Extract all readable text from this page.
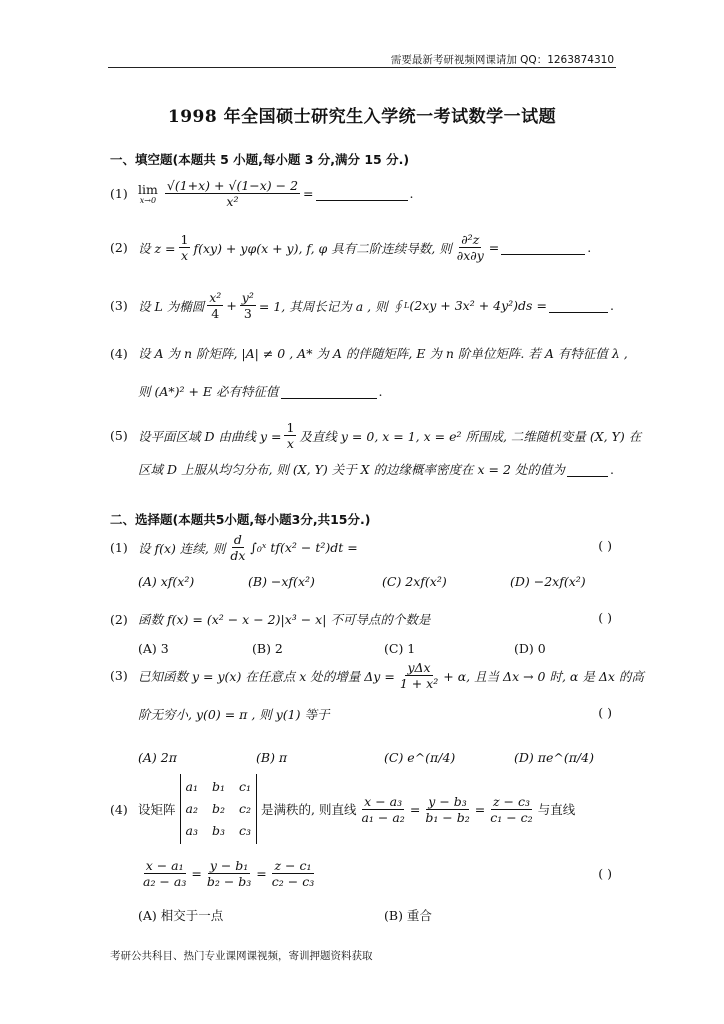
需要最新考研视频网课请加 QQ：1263874310
1998 年全国硕士研究生入学统一考试数学一试题
一、填空题(本题共 5 小题,每小题 3 分,满分 15 分.)
(1) lim
$x\to 0 \frac{√(1+x) + √(1-x) - 2}{\text{x²}}$ =	.
(2) 设 $z = \frac{1}{x} f(xy) + y\varphi(x + y)$, f, φ 具有二阶连续导数, 则 $\frac{\text{∂²z}}{\partial x\partial y}$ =	.
(3) 设 L 为椭圆 $\frac{\text{x²}}{4} + \frac{\text{y²}}{3} = 1$, 其周长记为 a , 则 ∮ L (2xy + 3x² + 4y²)ds =	.
(4) 设 A 为 n 阶矩阵, |A| ≠ 0 , A* 为 A 的伴随矩阵, E 为 n 阶单位矩阵. 若 A 有特征值 λ ,
则 (A*)² + E 必有特征值	.
(5) 设平面区域 D 由曲线 $y = \frac{1}{x}$ 及直线 y = 0, x = 1, x = e² 所围成, 二维随机变量 (X, Y) 在
区域 D 上服从均匀分布, 则 (X, Y) 关于 X 的边缘概率密度在 x = 2 处的值为	.
二、选择题(本题共5小题,每小题3分,共15分.)
(1) 设 f(x) 连续, 则 $\frac{d}{dx}$ ∫₀ˣ tf(x² − t²)dt =	( )
(A) xf(x²)	(B) −xf(x²)	(C) 2xf(x²)	(D) −2xf(x²)
(2) 函数 f(x) = (x² − x − 2)|x³ − x| 不可导点的个数是	( )
(A) 3	(B) 2	(C) 1	(D) 0
(3) 已知函数 y = y(x) 在任意点 x 处的增量 $\Delta y = \frac{\text{yΔx}}{\text{1 + x²}} + \alpha$, 且当 Δx → 0 时, α 是 Δx 的高
阶无穷小, y(0) = π , 则 y(1) 等于	( )
(A) 2π	(B) π	(C) e^(π/4)	(D) πe^(π/4)
(4) 设矩阵
a₁ b₁ c₁
a₂ b₂ c₂
a₃ b₃ c₃
是满秩的, 则直线 $\frac{\text{x − a₃}}{\text{a₁ − a₂}} = \frac{\text{y − b₃}}{\text{b₁ − b₂}} = \frac{\text{z − c₃}}{\text{c₁ − c₂}}$ 与直线
$\frac{\text{x − a₁}}{\text{a₂ − a₃}} = \frac{\text{y − b₁}}{\text{b₂ − b₃}} = \frac{\text{z − c₁}}{\text{c₂ − c₃}}$	( )
(A) 相交于一点	(B) 重合
考研公共科目、热门专业课网课视频，寄训押题资料获取
